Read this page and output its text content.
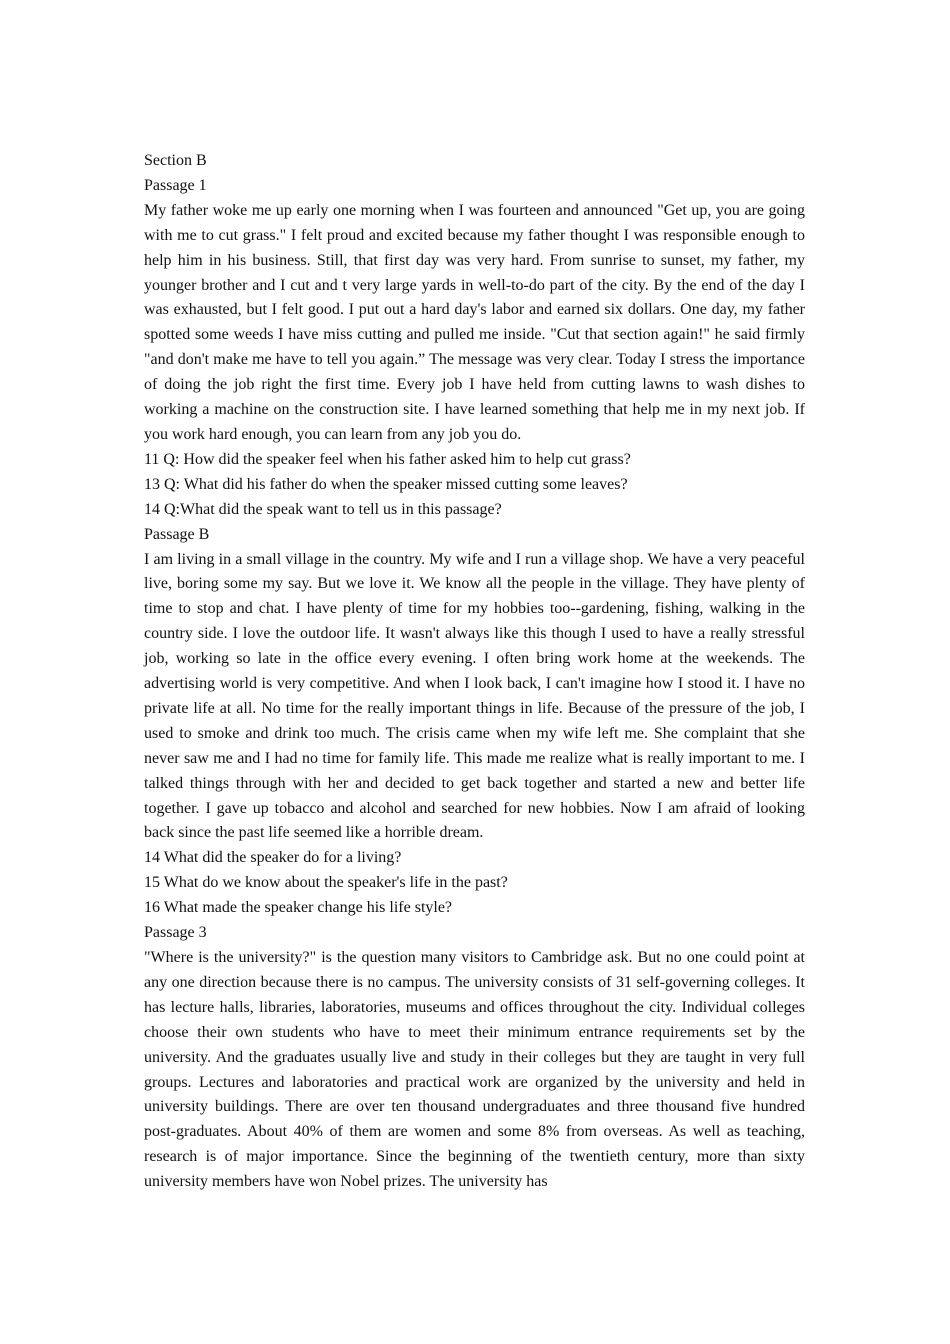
Section B

Passage 1

My father woke me up early one morning when I was fourteen and announced "Get up, you are going with me to cut grass." I felt proud and excited because my father thought I was responsible enough to help him in his business. Still, that first day was very hard. From sunrise to sunset, my father, my younger brother and I cut and t very large yards in well-to-do part of the city. By the end of the day I was exhausted, but I felt good. I put out a hard day's labor and earned six dollars. One day, my father spotted some weeds I have miss cutting and pulled me inside. "Cut that section again!" he said firmly "and don't make me have to tell you again.” The message was very clear. Today I stress the importance of doing the job right the first time. Every job I have held from cutting lawns to wash dishes to working a machine on the construction site. I have learned something that help me in my next job. If you work hard enough, you can learn from any job you do.

11 Q: How did the speaker feel when his father asked him to help cut grass?

13 Q: What did his father do when the speaker missed cutting some leaves?

14 Q:What did the speak want to tell us in this passage?

Passage B

I am living in a small village in the country. My wife and I run a village shop. We have a very peaceful live, boring some my say. But we love it. We know all the people in the village. They have plenty of time to stop and chat. I have plenty of time for my hobbies too--gardening, fishing, walking in the country side. I love the outdoor life. It wasn't always like this though I used to have a really stressful job, working so late in the office every evening. I often bring work home at the weekends. The advertising world is very competitive. And when I look back, I can't imagine how I stood it. I have no private life at all. No time for the really important things in life. Because of the pressure of the job, I used to smoke and drink too much. The crisis came when my wife left me. She complaint that she never saw me and I had no time for family life. This made me realize what is really important to me. I talked things through with her and decided to get back together and started a new and better life together. I gave up tobacco and alcohol and searched for new hobbies. Now I am afraid of looking back since the past life seemed like a horrible dream.

14 What did the speaker do for a living?

15 What do we know about the speaker's life in the past?

16 What made the speaker change his life style?

Passage 3

"Where is the university?" is the question many visitors to Cambridge ask. But no one could point at any one direction because there is no campus. The university consists of 31 self-governing colleges. It has lecture halls, libraries, laboratories, museums and offices throughout the city. Individual colleges choose their own students who have to meet their minimum entrance requirements set by the university. And the graduates usually live and study in their colleges but they are taught in very full groups. Lectures and laboratories and practical work are organized by the university and held in university buildings. There are over ten thousand undergraduates and three thousand five hundred post-graduates. About 40% of them are women and some 8% from overseas. As well as teaching, research is of major importance. Since the beginning of the twentieth century, more than sixty university members have won Nobel prizes. The university has
